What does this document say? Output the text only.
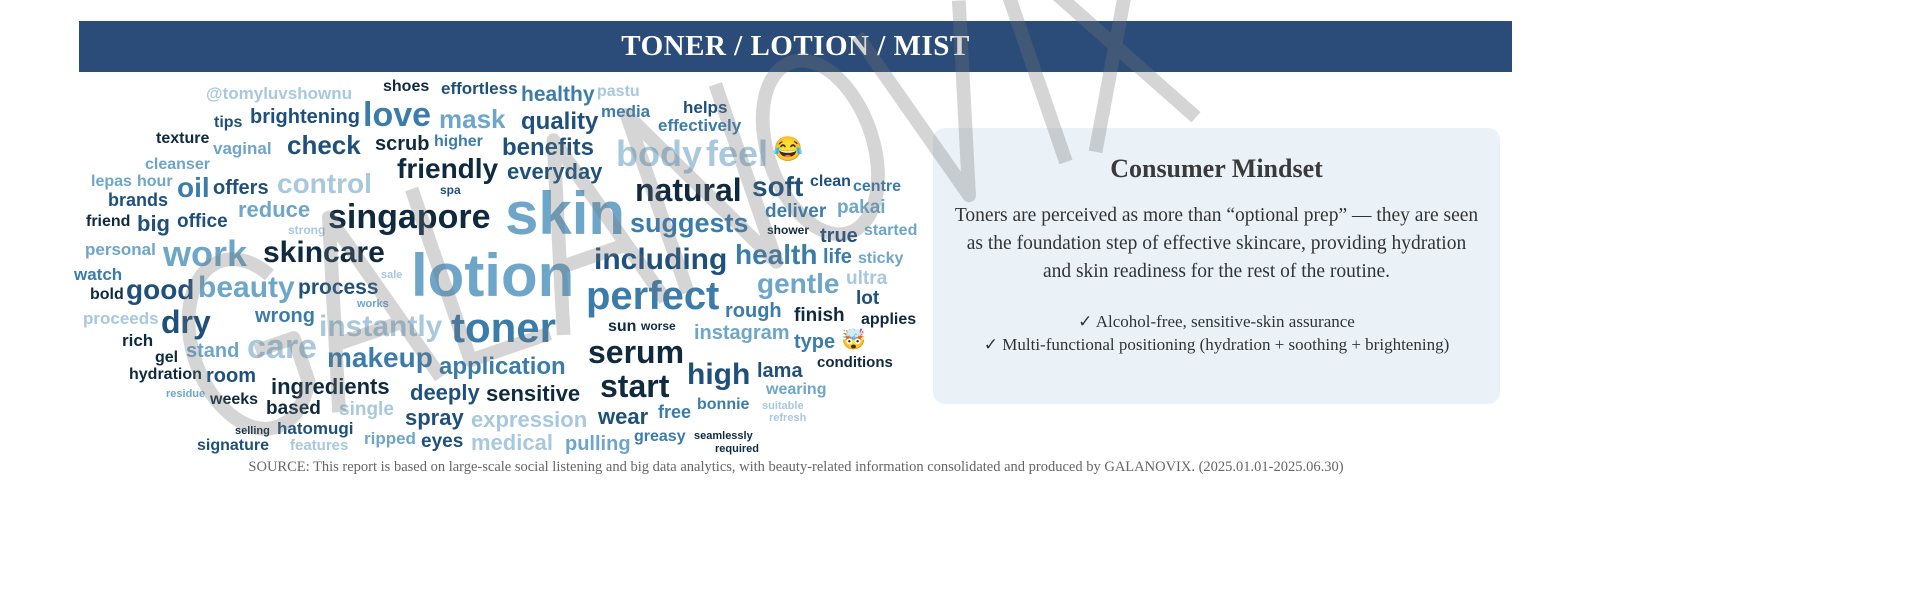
TONER / LOTION / MIST
shoes
higher
pastu
tips
texture
love mask
effortless
media
check scrub	benefits
healthy
effectively
helps
vaginal
cleanser
@tomyluvshownu
friendly
quality
body feel 😂
hour oil offers control
brightening
everyday
natural soft clean
friend
brands	reduce singapore skin	shower
deliver
centre
lepas
big office
process
strong
spa
suggests
pakai
started
true
personal work skincare lotion
sun
including health life sticky
watch
wrong
sale
worse
bold good beauty	gentle ultra
ingredients
toner
perfect	finish
lot
applies
proceeds
stand
dry	works
instagram
rich
room
instantly
application
sensitive
rough
conditions
type 🤯
hydration
care makeup
expression
serum
lama
wearing
gel
weeks based single
deeply
medical
start high
residue
suitable
hatomugi
signature
spray
pulling
wear free
selling	eyes	seamlessly
bonnie
features ripped
required
greasy
refresh
Consumer Mindset

Toners are perceived as more than “optional prep” — they are seen as the foundation step of effective skincare, providing hydration and skin readiness for the rest of the routine.

✓ Alcohol-free, sensitive-skin assurance
✓ Multi-functional positioning (hydration + soothing + brightening)
SOURCE: This report is based on large-scale social listening and big data analytics, with beauty-related information consolidated and produced by GALANOVIX. (2025.01.01-2025.06.30)
